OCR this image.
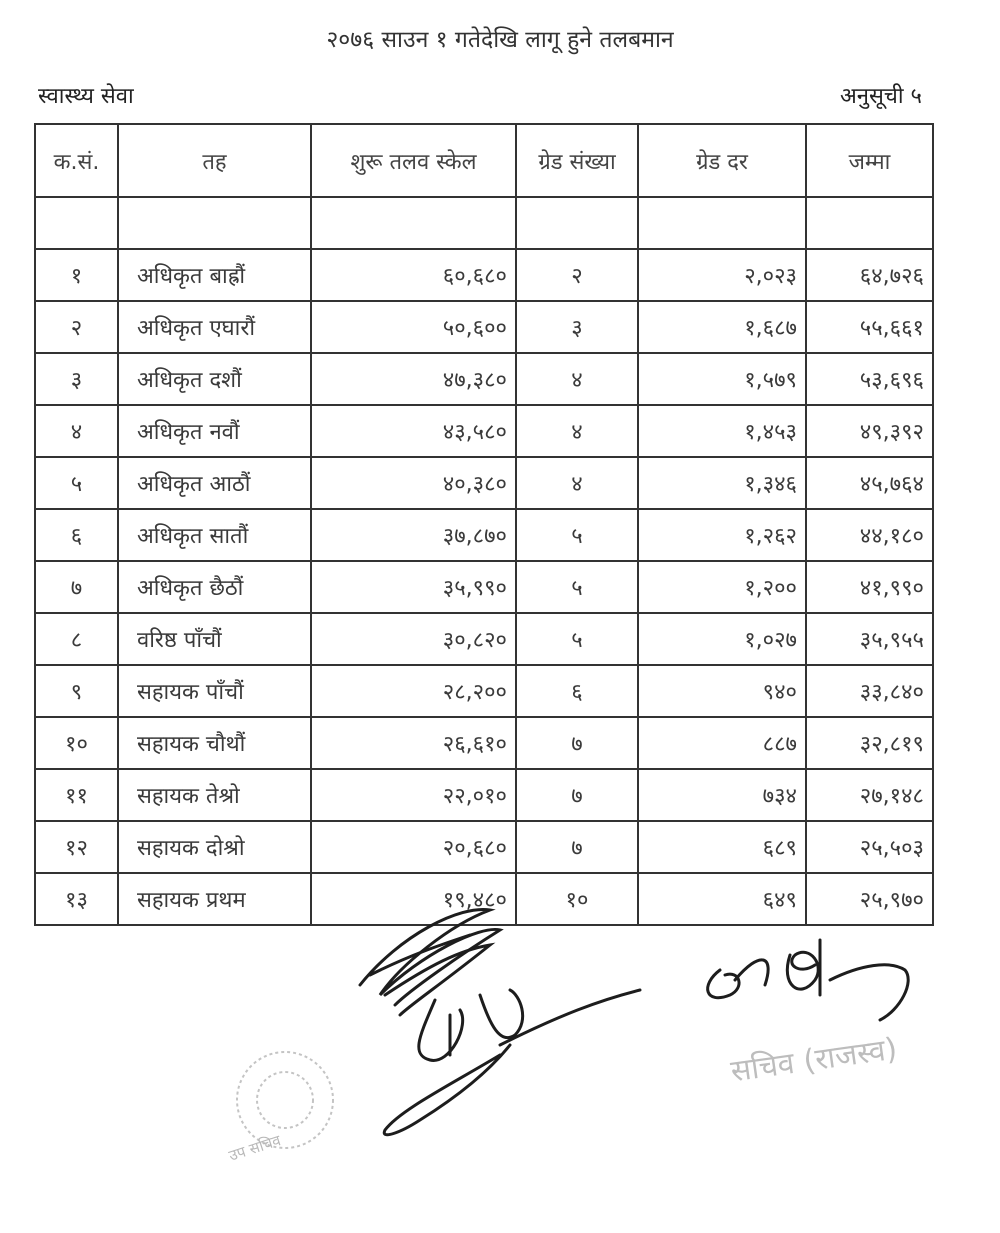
२०७६ साउन १ गतेदेखि लागू हुने तलबमान
स्वास्थ्य सेवा	अनुसूची ५
क.सं.	तह	शुरू तलव स्केल	ग्रेड संख्या	ग्रेड दर	जम्मा

१	अधिकृत बाह्रौं	६०,६८०	२	२,०२३	६४,७२६
२	अधिकृत एघारौं	५०,६००	३	१,६८७	५५,६६१
३	अधिकृत दशौं	४७,३८०	४	१,५७९	५३,६९६
४	अधिकृत नवौं	४३,५८०	४	१,४५३	४९,३९२
५	अधिकृत आठौं	४०,३८०	४	१,३४६	४५,७६४
६	अधिकृत सातौं	३७,८७०	५	१,२६२	४४,१८०
७	अधिकृत छैठौं	३५,९९०	५	१,२००	४१,९९०
८	वरिष्ठ पाँचौं	३०,८२०	५	१,०२७	३५,९५५
९	सहायक पाँचौं	२८,२००	६	९४०	३३,८४०
१०	सहायक चौथौं	२६,६१०	७	८८७	३२,८१९
११	सहायक तेश्रो	२२,०१०	७	७३४	२७,१४८
१२	सहायक दोश्रो	२०,६८०	७	६८९	२५,५०३
१३	सहायक प्रथम	१९,४८०	१०	६४९	२५,९७०
उप सचिव
सचिव (राजस्व)
